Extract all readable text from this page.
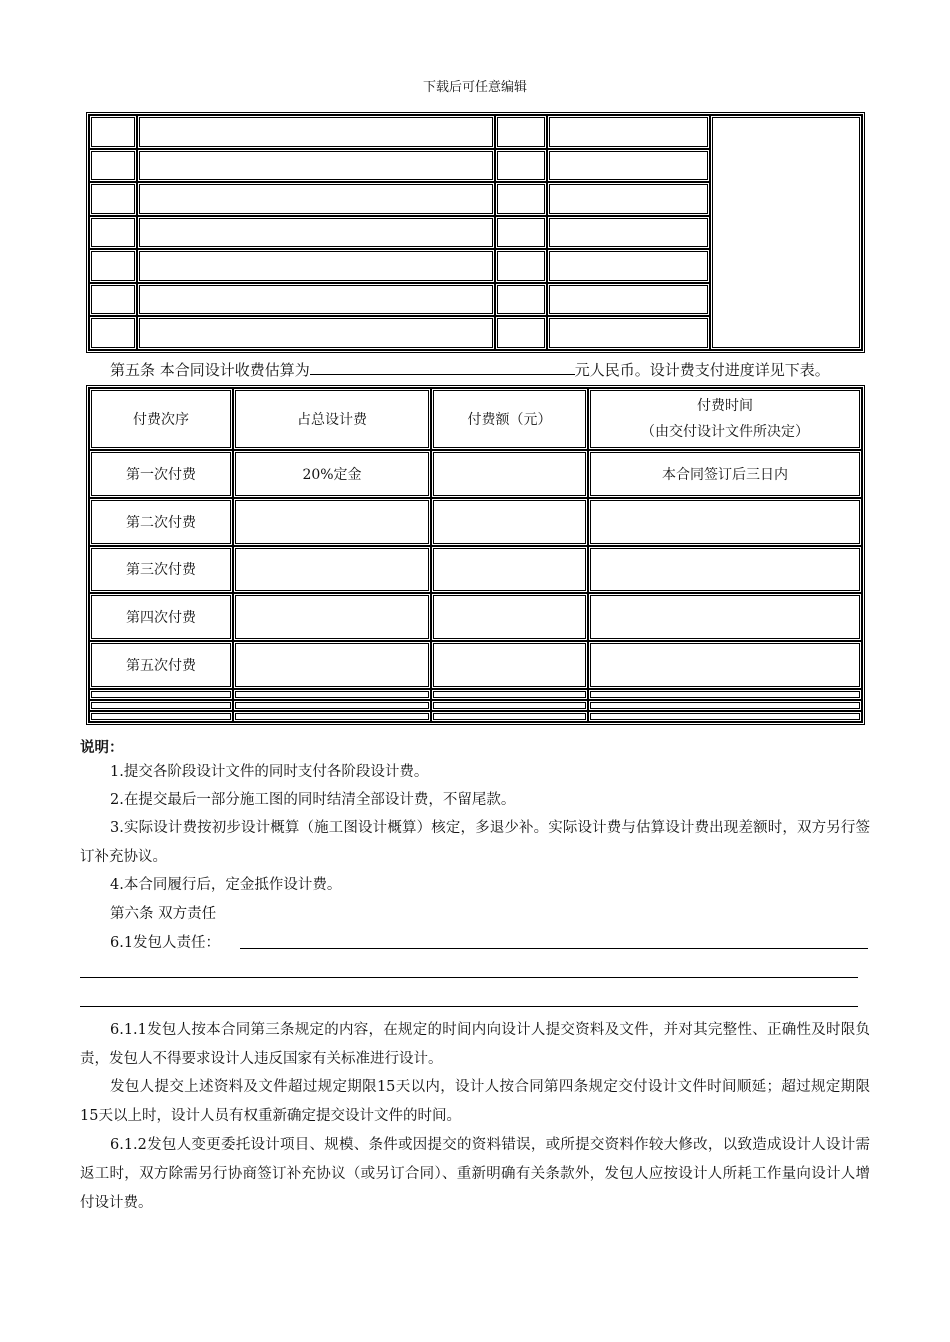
下载后可任意编辑

第五条 本合同设计收费估算为	元人民币。设计费支付进度详见下表。
付费次序	占总设计费	付费额（元）	付费时间
（由交付设计文件所决定）

第一次付费	20%定金		本合同签订后三日内
第二次付费			
第三次付费			
第四次付费			
第五次付费			

说明：
1.提交各阶段设计文件的同时支付各阶段设计费。
2.在提交最后一部分施工图的同时结清全部设计费，不留尾款。
3.实际设计费按初步设计概算（施工图设计概算）核定，多退少补。实际设计费与估算设计费出现差额时，双方另行签订补充协议。
4.本合同履行后，定金抵作设计费。
第六条 双方责任
6.1发包人责任：
6.1.1发包人按本合同第三条规定的内容，在规定的时间内向设计人提交资料及文件，并对其完整性、正确性及时限负责，发包人不得要求设计人违反国家有关标准进行设计。
发包人提交上述资料及文件超过规定期限15天以内，设计人按合同第四条规定交付设计文件时间顺延；超过规定期限15天以上时，设计人员有权重新确定提交设计文件的时间。
6.1.2发包人变更委托设计项目、规模、条件或因提交的资料错误，或所提交资料作较大修改，以致造成设计人设计需返工时，双方除需另行协商签订补充协议（或另订合同）、重新明确有关条款外，发包人应按设计人所耗工作量向设计人增付设计费。
